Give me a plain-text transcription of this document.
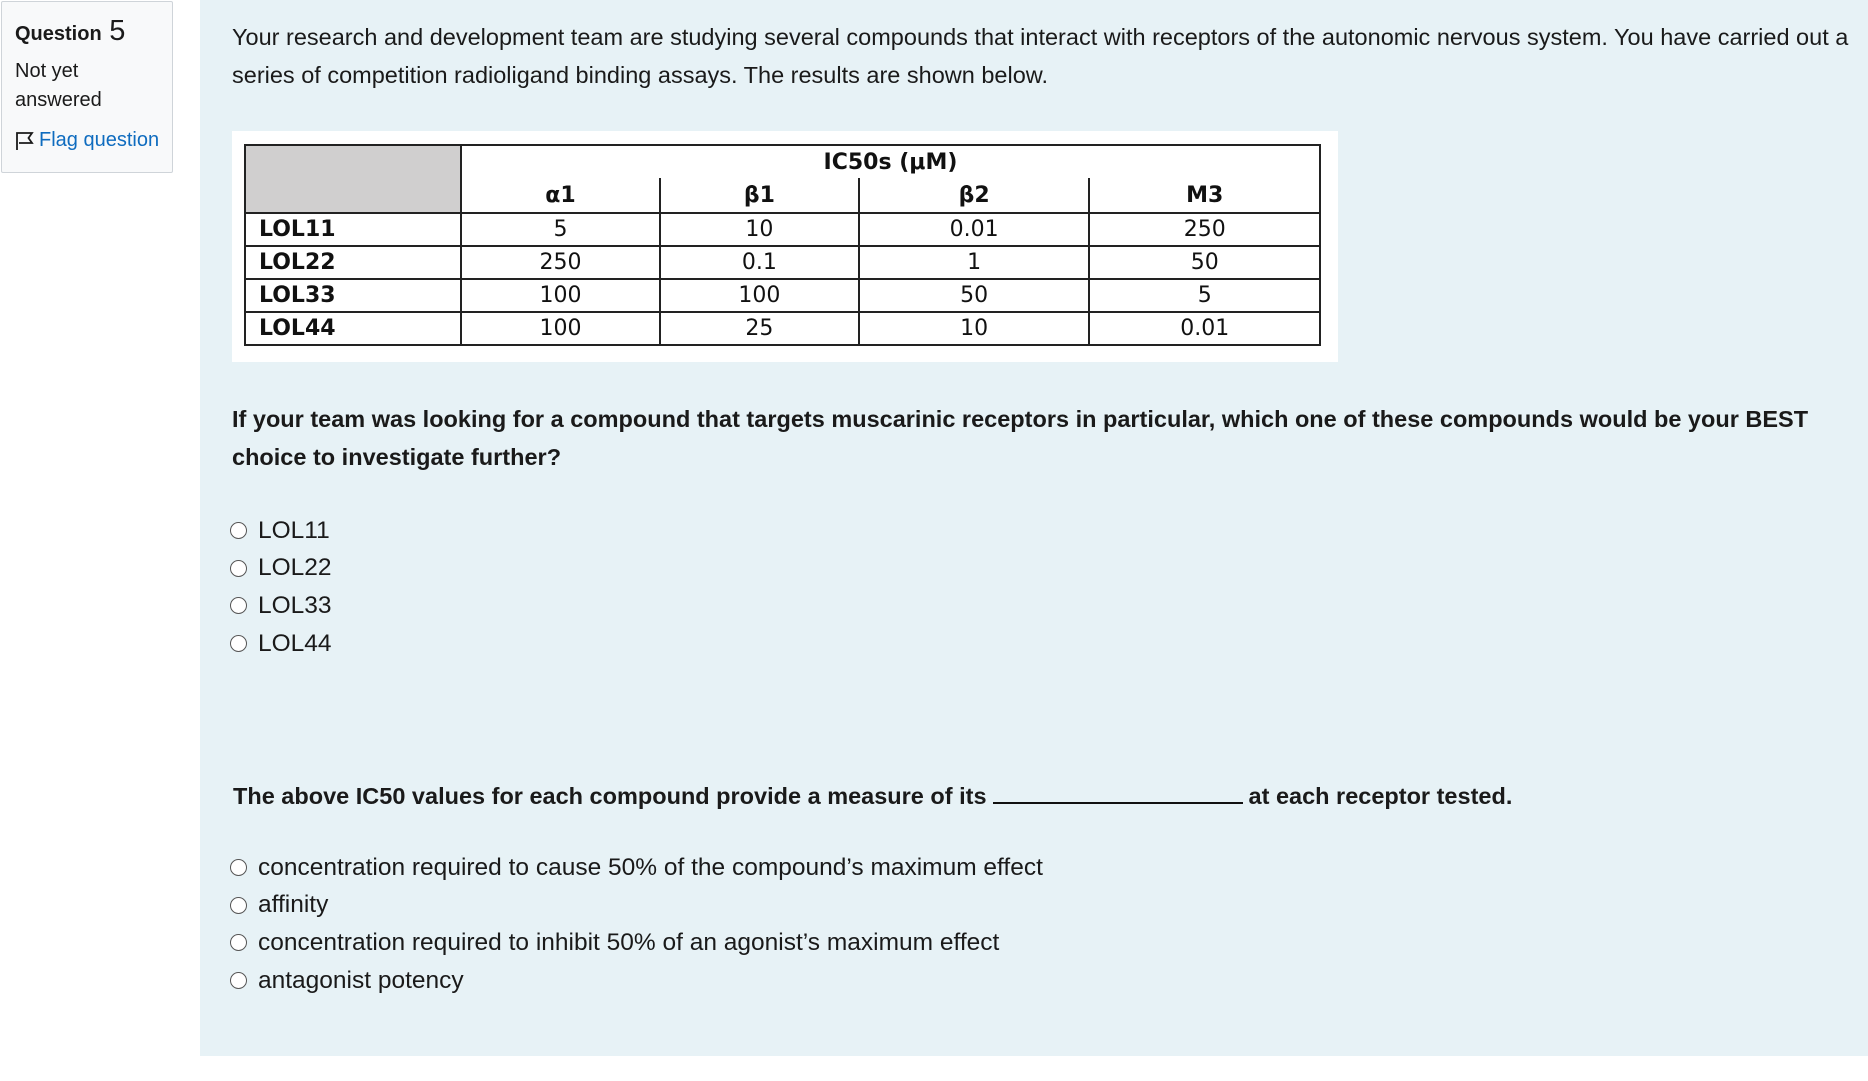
Question 5
Not yet answered
Flag question

Your research and development team are studying several compounds that interact with receptors of the autonomic nervous system. You have carried out a series of competition radioligand binding assays. The results are shown below.

	IC50s (μM)			
	α1	β1	β2	M3
LOL11	5	10	0.01	250
LOL22	250	0.1	1	50
LOL33	100	100	50	5
LOL44	100	25	10	0.01

If your team was looking for a compound that targets muscarinic receptors in particular, which one of these compounds would be your BEST choice to investigate further?

LOL11
LOL22
LOL33
LOL44

The above IC50 values for each compound provide a measure of its	at each receptor tested.

concentration required to cause 50% of the compound’s maximum effect
affinity
concentration required to inhibit 50% of an agonist’s maximum effect
antagonist potency
